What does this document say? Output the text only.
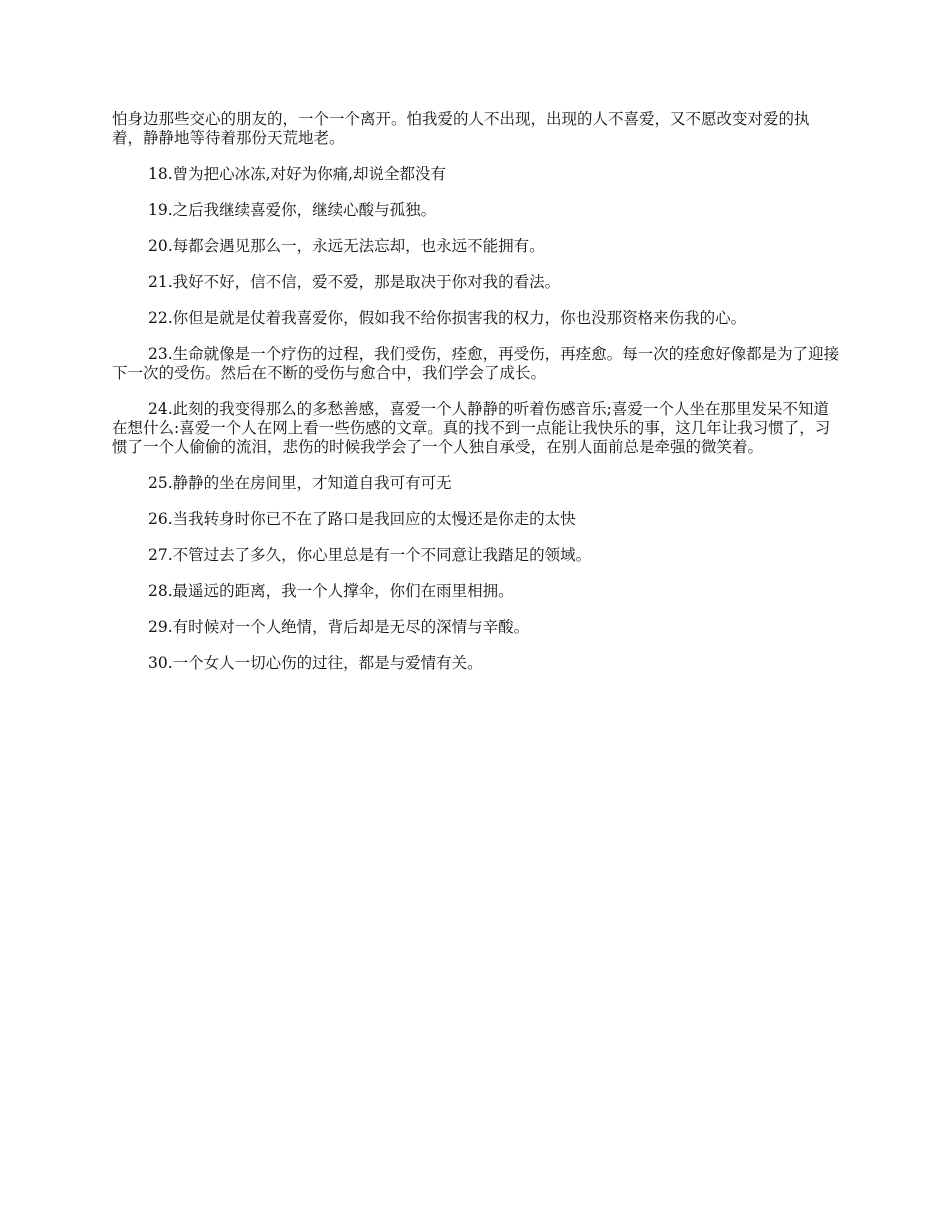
怕身边那些交心的朋友的，一个一个离开。怕我爱的人不出现，出现的人不喜爱，又不愿改变对爱的执着，静静地等待着那份天荒地老。

18.曾为把心冰冻,对好为你痛,却说全都没有

19.之后我继续喜爱你，继续心酸与孤独。

20.每都会遇见那么一，永远无法忘却，也永远不能拥有。

21.我好不好，信不信，爱不爱，那是取决于你对我的看法。

22.你但是就是仗着我喜爱你，假如我不给你损害我的权力，你也没那资格来伤我的心。

23.生命就像是一个疗伤的过程，我们受伤，痊愈，再受伤，再痊愈。每一次的痊愈好像都是为了迎接下一次的受伤。然后在不断的受伤与愈合中，我们学会了成长。

24.此刻的我变得那么的多愁善感，喜爱一个人静静的听着伤感音乐;喜爱一个人坐在那里发呆不知道在想什么:喜爱一个人在网上看一些伤感的文章。真的找不到一点能让我快乐的事，这几年让我习惯了，习惯了一个人偷偷的流泪，悲伤的时候我学会了一个人独自承受，在别人面前总是牵强的微笑着。

25.静静的坐在房间里，才知道自我可有可无

26.当我转身时你已不在了路口是我回应的太慢还是你走的太快

27.不管过去了多久，你心里总是有一个不同意让我踏足的领域。

28.最遥远的距离，我一个人撑伞，你们在雨里相拥。

29.有时候对一个人绝情，背后却是无尽的深情与辛酸。

30.一个女人一切心伤的过往，都是与爱情有关。
